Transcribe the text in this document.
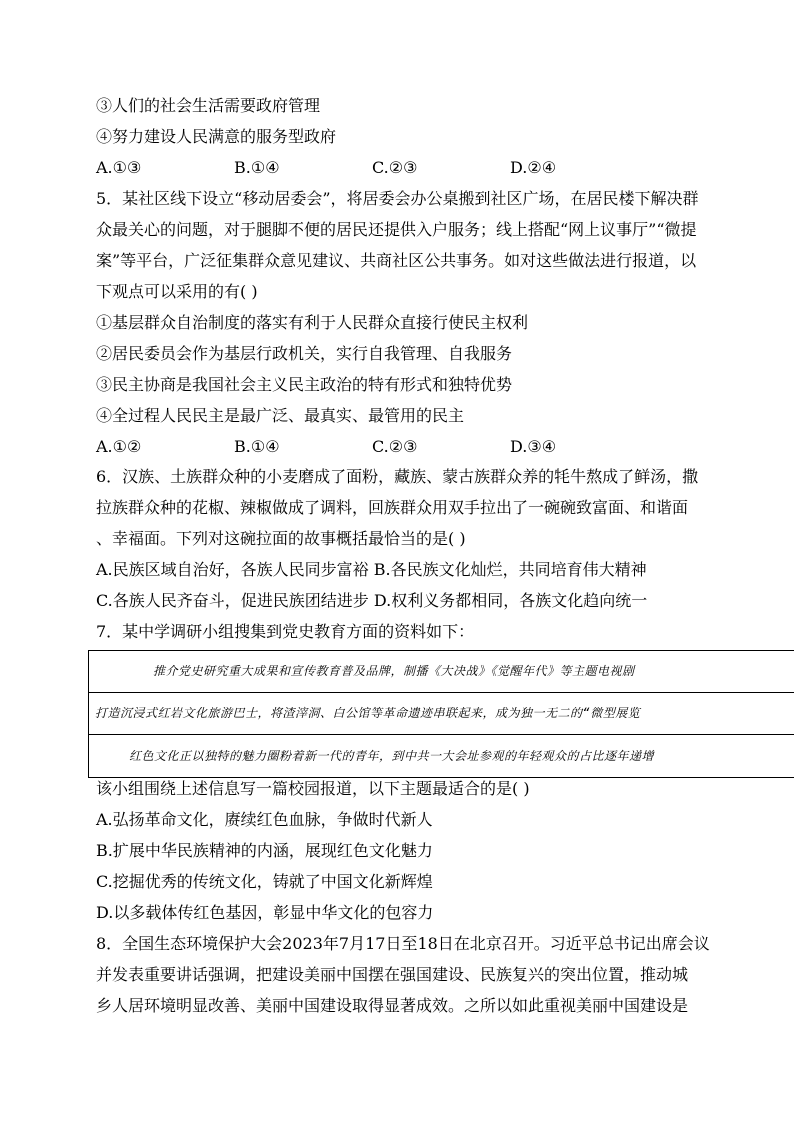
③人们的社会生活需要政府管理
④努力建设人民满意的服务型政府
A.①③	B.①④	C.②③	D.②④
5．某社区线下设立“移动居委会”，将居委会办公桌搬到社区广场，在居民楼下解决群
众最关心的问题，对于腿脚不便的居民还提供入户服务；线上搭配“网上议事厅”“微提
案”等平台，广泛征集群众意见建议、共商社区公共事务。如对这些做法进行报道，以
下观点可以采用的有( )
①基层群众自治制度的落实有利于人民群众直接行使民主权利
②居民委员会作为基层行政机关，实行自我管理、自我服务
③民主协商是我国社会主义民主政治的特有形式和独特优势
④全过程人民民主是最广泛、最真实、最管用的民主
A.①②	B.①④	C.②③	D.③④
6．汉族、土族群众种的小麦磨成了面粉，藏族、蒙古族群众养的牦牛熬成了鲜汤，撒
拉族群众种的花椒、辣椒做成了调料，回族群众用双手拉出了一碗碗致富面、和谐面
、幸福面。下列对这碗拉面的故事概括最恰当的是( )
A.民族区域自治好，各族人民同步富裕 B.各民族文化灿烂，共同培育伟大精神
C.各族人民齐奋斗，促进民族团结进步 D.权利义务都相同，各族文化趋向统一
7．某中学调研小组搜集到党史教育方面的资料如下：
推介党史研究重大成果和宣传教育普及品牌，制播《大决战》《觉醒年代》等主题电视剧
打造沉浸式红岩文化旅游巴士，将渣滓洞、白公馆等革命遗迹串联起来，成为独一无二的“微型展览
红色文化正以独特的魅力圈粉着新一代的青年，到中共一大会址参观的年轻观众的占比逐年递增
该小组围绕上述信息写一篇校园报道，以下主题最适合的是( )
A.弘扬革命文化，赓续红色血脉，争做时代新人
B.扩展中华民族精神的内涵，展现红色文化魅力
C.挖掘优秀的传统文化，铸就了中国文化新辉煌
D.以多载体传红色基因，彰显中华文化的包容力
8．全国生态环境保护大会2023年7月17日至18日在北京召开。习近平总书记出席会议
并发表重要讲话强调，把建设美丽中国摆在强国建设、民族复兴的突出位置，推动城
乡人居环境明显改善、美丽中国建设取得显著成效。之所以如此重视美丽中国建设是
